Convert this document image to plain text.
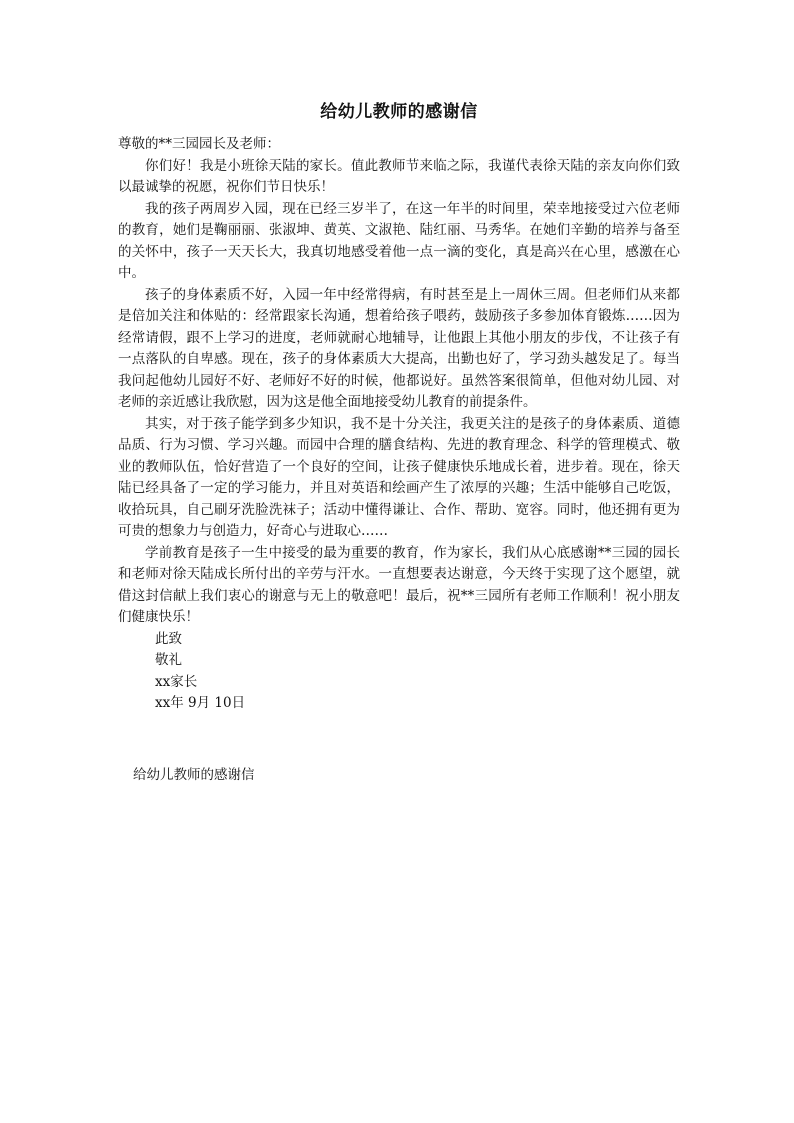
给幼儿教师的感谢信

尊敬的**三园园长及老师：

你们好！我是小班徐天陆的家长。值此教师节来临之际，我谨代表徐天陆的亲友向你们致以最诚挚的祝愿，祝你们节日快乐！

我的孩子两周岁入园，现在已经三岁半了，在这一年半的时间里，荣幸地接受过六位老师的教育，她们是鞠丽丽、张淑坤、黄英、文淑艳、陆红丽、马秀华。在她们辛勤的培养与备至的关怀中，孩子一天天长大，我真切地感受着他一点一滴的变化，真是高兴在心里，感激在心中。

孩子的身体素质不好，入园一年中经常得病，有时甚至是上一周休三周。但老师们从来都是倍加关注和体贴的：经常跟家长沟通，想着给孩子喂药，鼓励孩子多参加体育锻炼……因为经常请假，跟不上学习的进度，老师就耐心地辅导，让他跟上其他小朋友的步伐，不让孩子有一点落队的自卑感。现在，孩子的身体素质大大提高，出勤也好了，学习劲头越发足了。每当我问起他幼儿园好不好、老师好不好的时候，他都说好。虽然答案很简单，但他对幼儿园、对老师的亲近感让我欣慰，因为这是他全面地接受幼儿教育的前提条件。

其实，对于孩子能学到多少知识，我不是十分关注，我更关注的是孩子的身体素质、道德品质、行为习惯、学习兴趣。而园中合理的膳食结构、先进的教育理念、科学的管理模式、敬业的教师队伍，恰好营造了一个良好的空间，让孩子健康快乐地成长着，进步着。现在，徐天陆已经具备了一定的学习能力，并且对英语和绘画产生了浓厚的兴趣；生活中能够自己吃饭，收拾玩具，自己刷牙洗脸洗袜子；活动中懂得谦让、合作、帮助、宽容。同时，他还拥有更为可贵的想象力与创造力，好奇心与进取心……

学前教育是孩子一生中接受的最为重要的教育，作为家长，我们从心底感谢**三园的园长和老师对徐天陆成长所付出的辛劳与汗水。一直想要表达谢意，今天终于实现了这个愿望，就借这封信献上我们衷心的谢意与无上的敬意吧！最后，祝**三园所有老师工作顺利！祝小朋友们健康快乐！

此致

敬礼

xx家长

xx年 9月 10日

给幼儿教师的感谢信
